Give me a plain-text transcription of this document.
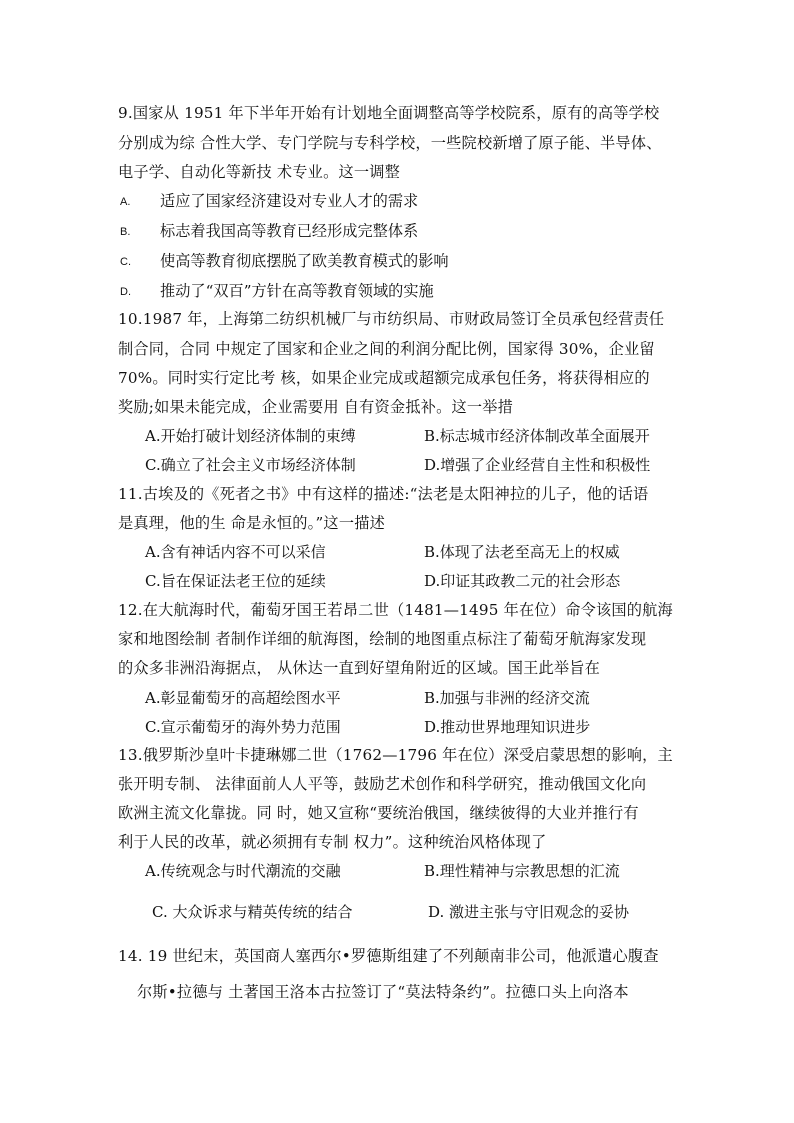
9.国家从 1951 年下半年开始有计划地全面调整高等学校院系，原有的高等学校
分别成为综 合性大学、专门学院与专科学校，一些院校新增了原子能、半导体、
电子学、自动化等新技 术专业。这一调整
A. 适应了国家经济建设对专业人才的需求
B. 标志着我国高等教育已经形成完整体系
C. 使高等教育彻底摆脱了欧美教育模式的影响
D. 推动了“双百”方针在高等教育领域的实施
10.1987 年，上海第二纺织机械厂与市纺织局、市财政局签订全员承包经营责任
制合同，合同 中规定了国家和企业之间的利润分配比例，国家得 30%，企业留
70%。同时实行定比考 核，如果企业完成或超额完成承包任务，将获得相应的
奖励;如果未能完成，企业需要用 自有资金抵补。这一举措
A.开始打破计划经济体制的束缚	B.标志城市经济体制改革全面展开
C.确立了社会主义市场经济体制	D.增强了企业经营自主性和积极性
11.古埃及的《死者之书》中有这样的描述:“法老是太阳神拉的儿子，他的话语
是真理，他的生 命是永恒的。”这一描述
A.含有神话内容不可以采信	B.体现了法老至高无上的权威
C.旨在保证法老王位的延续	D.印证其政教二元的社会形态
12.在大航海时代，葡萄牙国王若昂二世（1481—1495 年在位）命令该国的航海
家和地图绘制 者制作详细的航海图，绘制的地图重点标注了葡萄牙航海家发现
的众多非洲沿海据点， 从休达一直到好望角附近的区域。国王此举旨在
A.彰显葡萄牙的高超绘图水平	B.加强与非洲的经济交流
C.宣示葡萄牙的海外势力范围	D.推动世界地理知识进步
13.俄罗斯沙皇叶卡捷琳娜二世（1762—1796 年在位）深受启蒙思想的影响，主
张开明专制、 法律面前人人平等，鼓励艺术创作和科学研究，推动俄国文化向
欧洲主流文化靠拢。同 时，她又宣称“要统治俄国，继续彼得的大业并推行有
利于人民的改革，就必须拥有专制 权力”。这种统治风格体现了
A.传统观念与时代潮流的交融	B.理性精神与宗教思想的汇流
C. 大众诉求与精英传统的结合	D. 激进主张与守旧观念的妥协
14. 19 世纪末，英国商人塞西尔•罗德斯组建了不列颠南非公司，他派遣心腹查
尔斯•拉德与 土著国王洛本古拉签订了“莫法特条约”。拉德口头上向洛本
